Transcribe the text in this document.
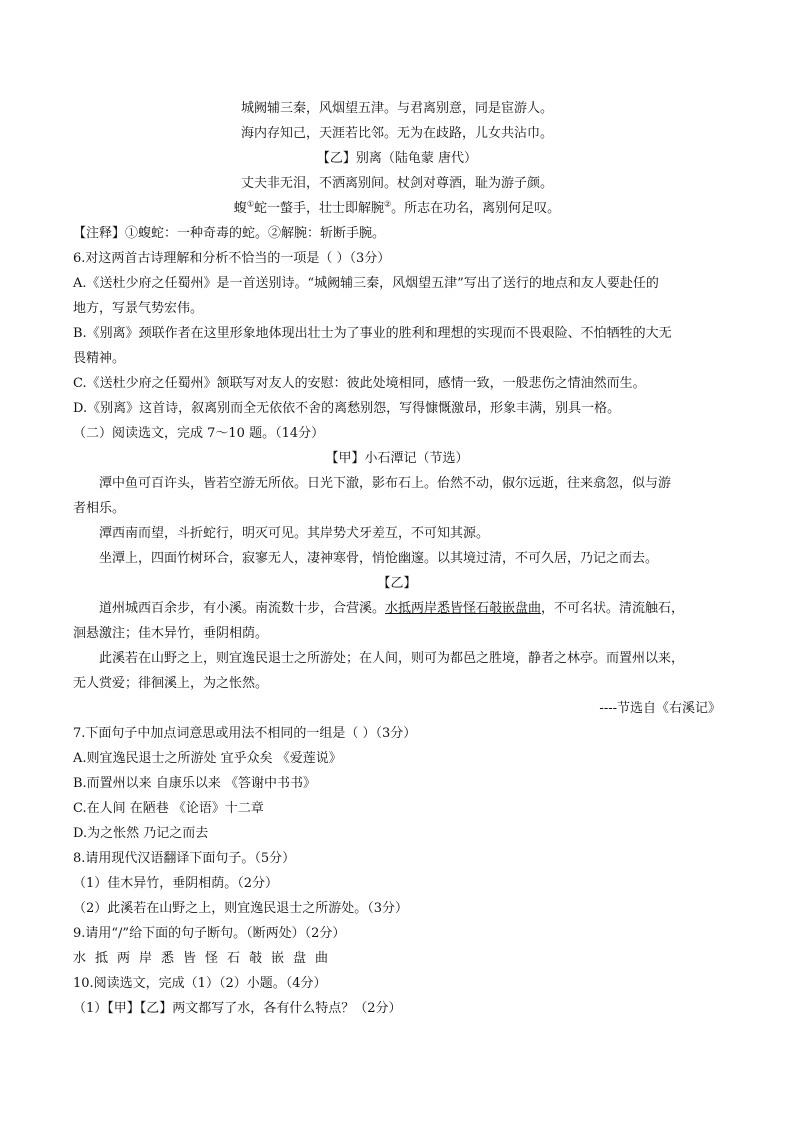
城阙辅三秦，风烟望五津。与君离别意，同是宦游人。
海内存知己，天涯若比邻。无为在歧路，儿女共沾巾。
【乙】别离（陆龟蒙 唐代）
丈夫非无泪，不洒离别间。杖剑对尊酒，耻为游子颜。
蝮①蛇一螫手，壮士即解腕②。所志在功名，离别何足叹。
【注释】①蝮蛇：一种奇毒的蛇。②解腕：斩断手腕。
6.对这两首古诗理解和分析不恰当的一项是（ ）（3分）
A.《送杜少府之任蜀州》是一首送别诗。“城阙辅三秦，风烟望五津”写出了送行的地点和友人要赴任的
地方，写景气势宏伟。
B.《别离》颈联作者在这里形象地体现出壮士为了事业的胜利和理想的实现而不畏艰险、不怕牺牲的大无
畏精神。
C.《送杜少府之任蜀州》颔联写对友人的安慰：彼此处境相同，感情一致，一般悲伤之情油然而生。
D.《别离》这首诗，叙离别而全无依依不舍的离愁别怨，写得慷慨激昂，形象丰满，别具一格。
（二）阅读选文，完成 7～10 题。（14分）
【甲】小石潭记（节选）
潭中鱼可百许头，皆若空游无所依。日光下澈，影布石上。佁然不动，俶尔远逝，往来翕忽，似与游
者相乐。
潭西南而望，斗折蛇行，明灭可见。其岸势犬牙差互，不可知其源。
坐潭上，四面竹树环合，寂寥无人，凄神寒骨，悄怆幽邃。以其境过清，不可久居，乃记之而去。
【乙】
道州城西百余步，有小溪。南流数十步，合营溪。水抵两岸悉皆怪石攲嵌盘曲，不可名状。清流触石，
洄悬激注；佳木异竹，垂阴相荫。
此溪若在山野之上，则宜逸民退士之所游处；在人间，则可为都邑之胜境，静者之林亭。而置州以来，
无人赏爱；徘徊溪上，为之怅然。
----节选自《右溪记》
7.下面句子中加点词意思或用法不相同的一组是（ ）（3分）
A.则宜逸民退士之所游处 宜乎众矣 《爱莲说》
B.而置州以来 自康乐以来 《答谢中书书》
C.在人间 在陋巷 《论语》十二章
D.为之怅然 乃记之而去
8.请用现代汉语翻译下面句子。（5分）
（1）佳木异竹，垂阴相荫。（2分）
（2）此溪若在山野之上，则宜逸民退士之所游处。（3分）
9.请用“/”给下面的句子断句。（断两处）（2分）
水抵两岸悉皆怪石攲嵌盘曲
10.阅读选文，完成（1）（2）小题。（4分）
（1）【甲】【乙】两文都写了水，各有什么特点？（2分）
